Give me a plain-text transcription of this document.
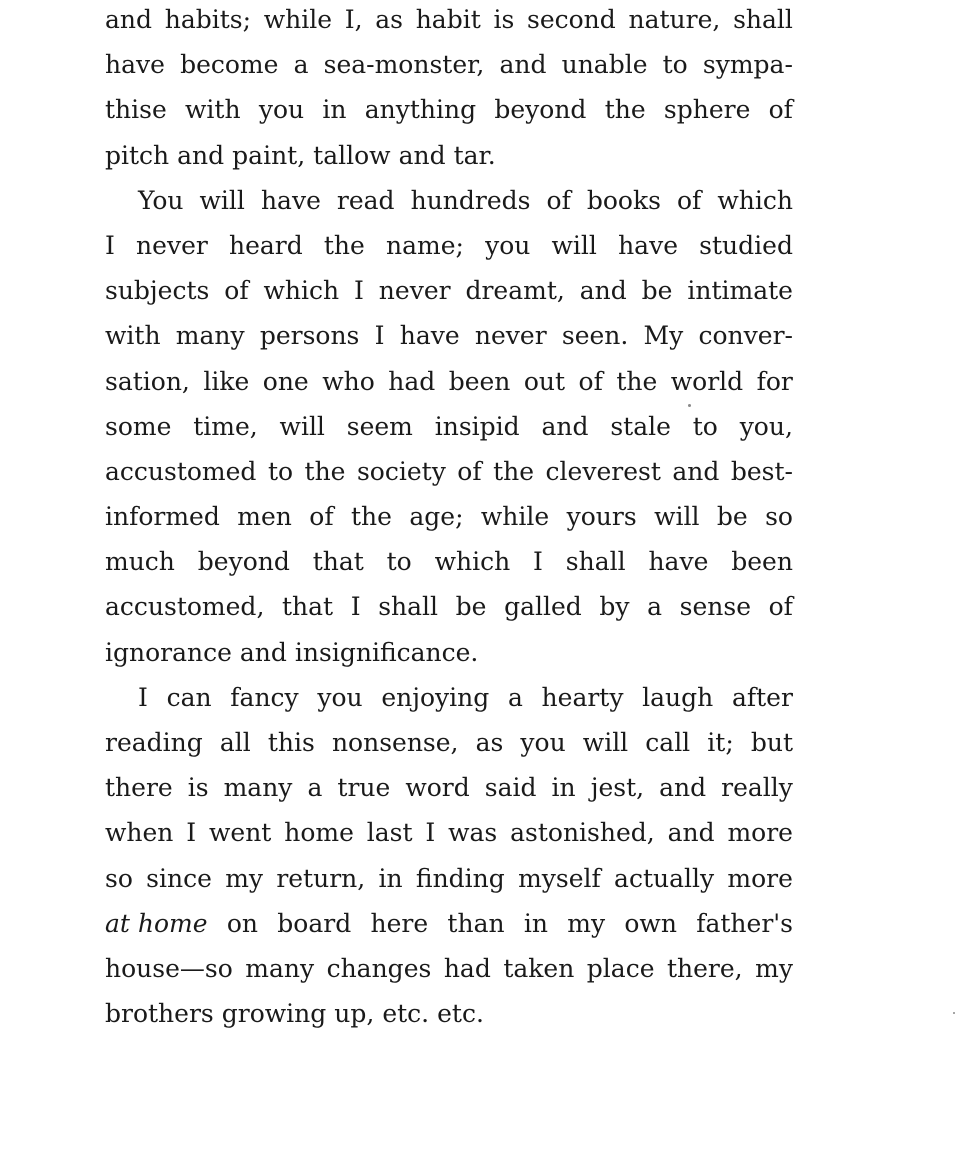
and habits; while I, as habit is second nature, shall
have become a sea-monster, and unable to sympa-
thise with you in anything beyond the sphere of
pitch and paint, tallow and tar.
You will have read hundreds of books of which
I never heard the name; you will have studied
subjects of which I never dreamt, and be intimate
with many persons I have never seen. My conver-
sation, like one who had been out of the world for
some time, will seem insipid and stale to you,
accustomed to the society of the cleverest and best-
informed men of the age; while yours will be so
much beyond that to which I shall have been
accustomed, that I shall be galled by a sense of
ignorance and insignificance.
I can fancy you enjoying a hearty laugh after
reading all this nonsense, as you will call it; but
there is many a true word said in jest, and really
when I went home last I was astonished, and more
so since my return, in finding myself actually more
at home on board here than in my own father's
house—so many changes had taken place there, my
brothers growing up, etc. etc.
